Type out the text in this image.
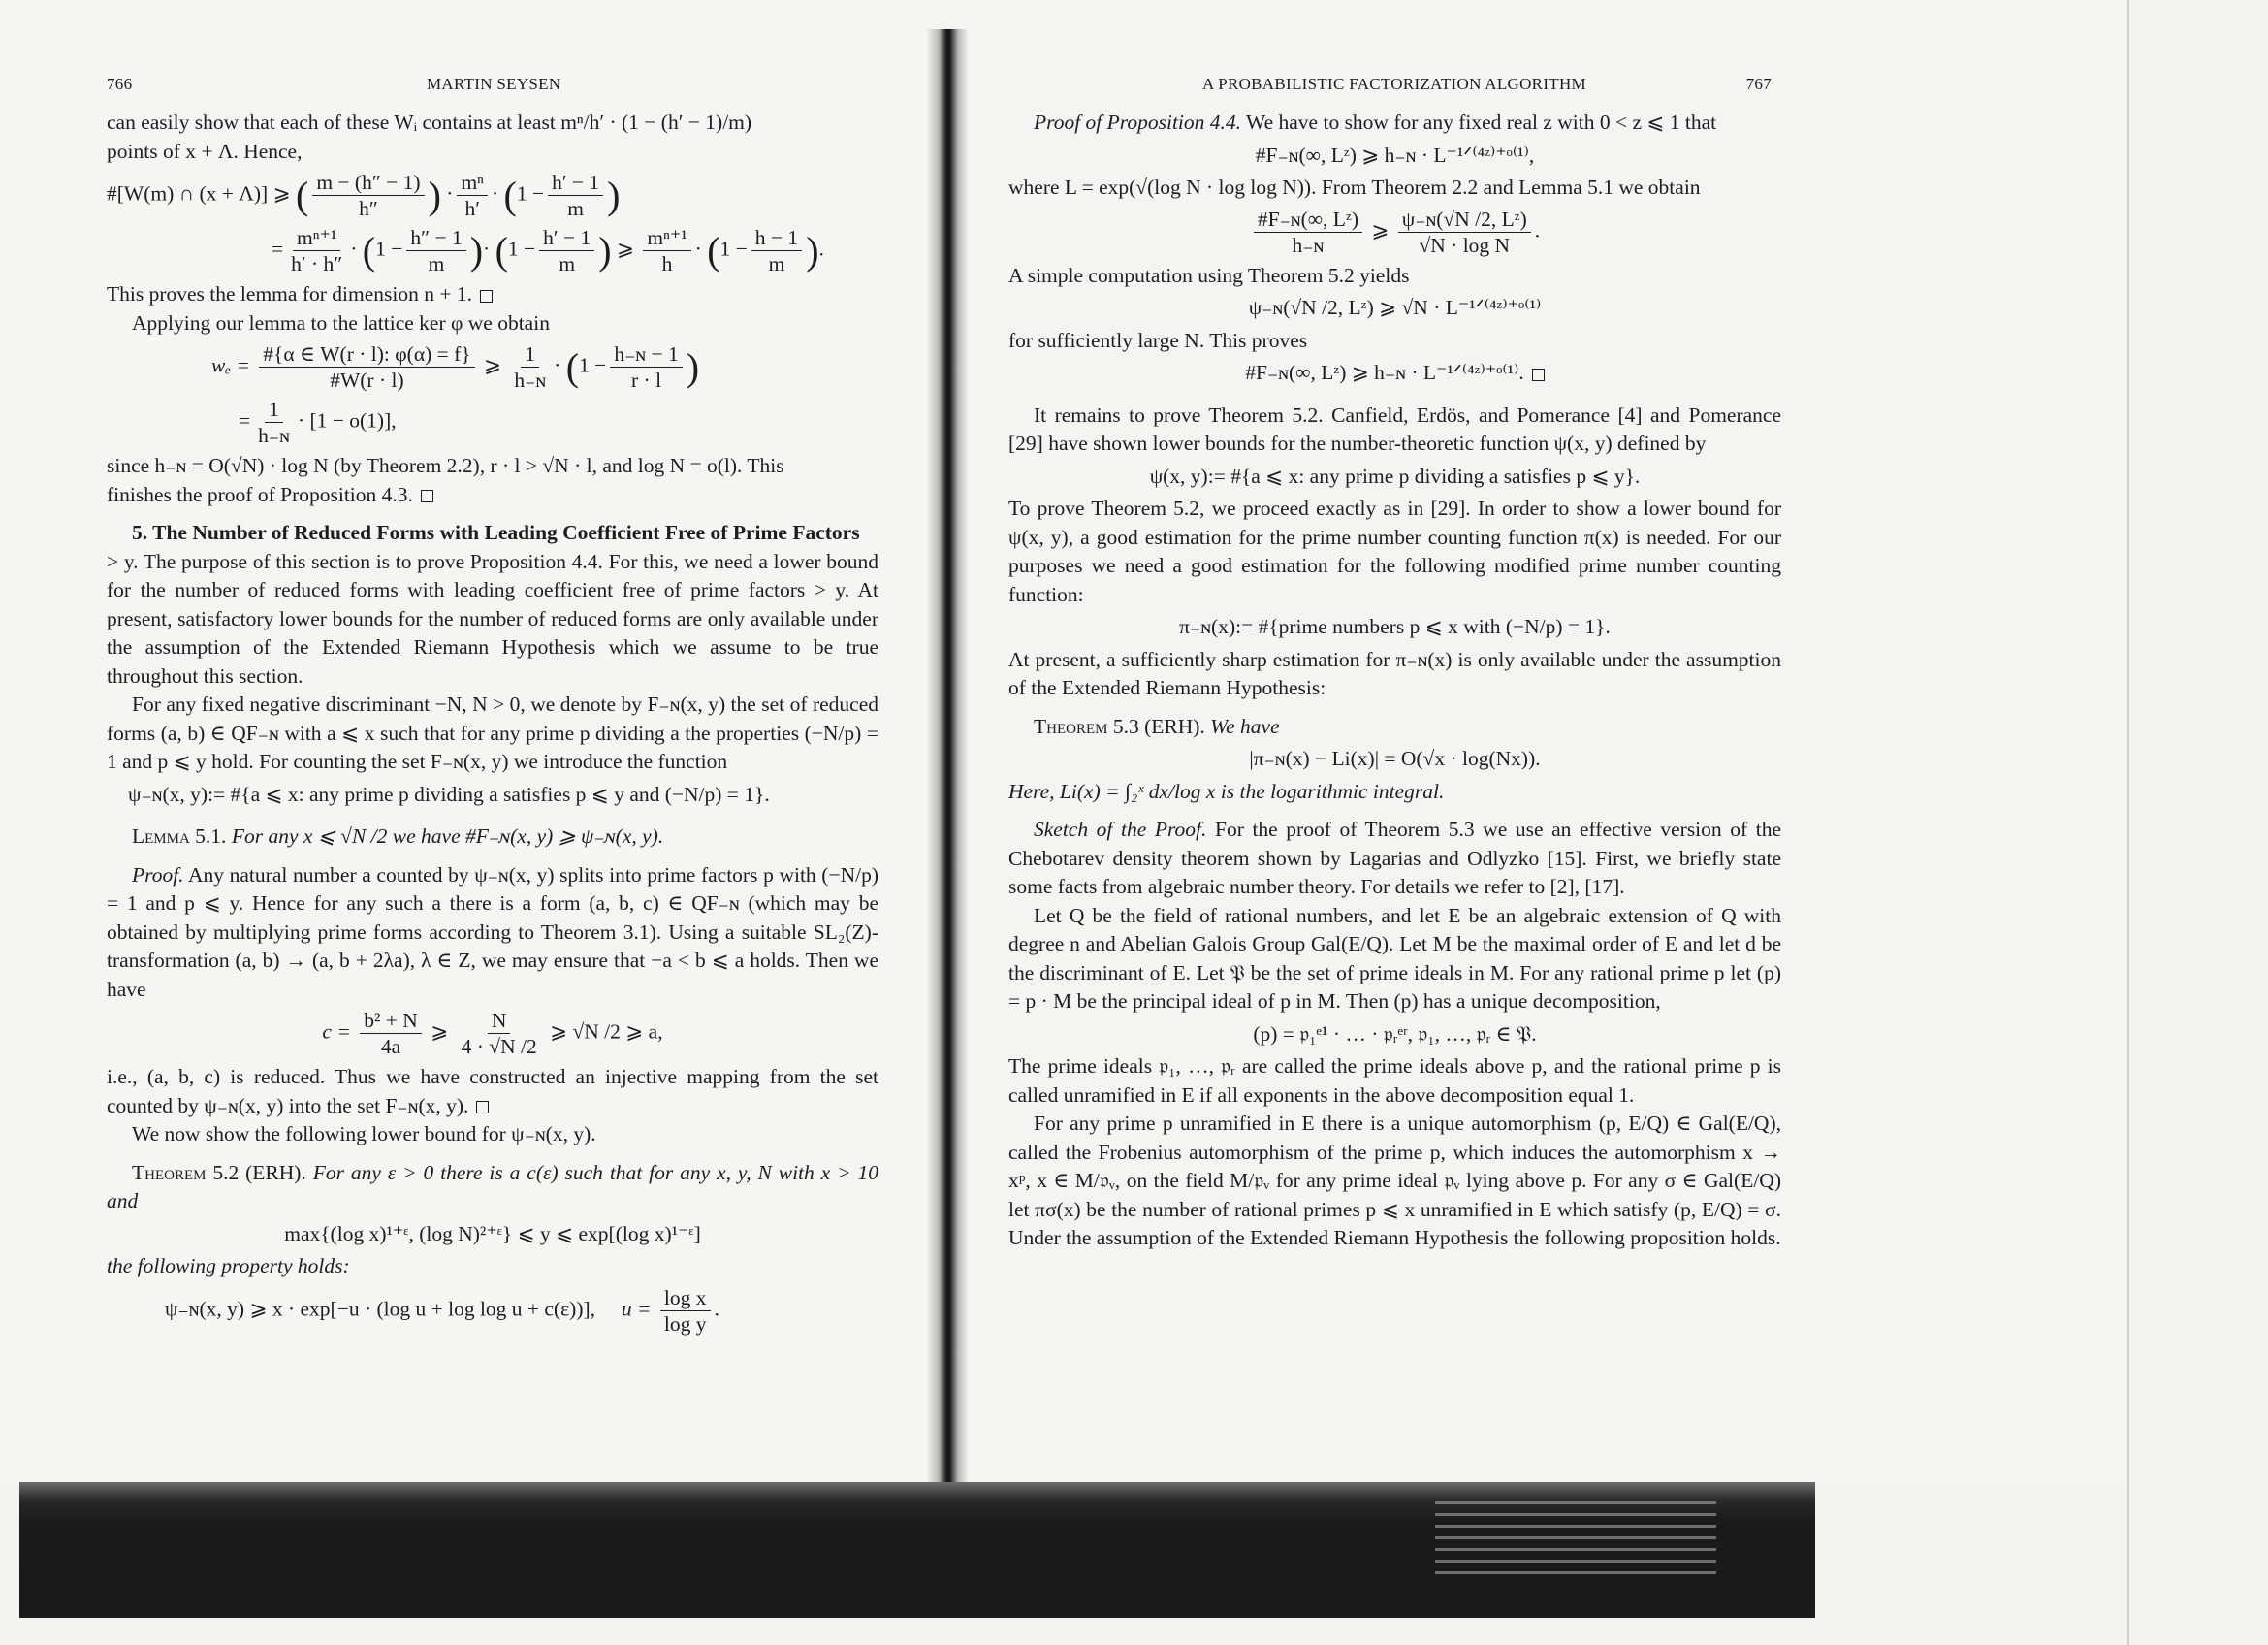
766	MARTIN SEYSEN

can easily show that each of these Wᵢ contains at least mⁿ/h′ · (1 − (h′ − 1)/m)

points of x + Λ. Hence,

#[W(m) ∩ (x + Λ)] ⩾ ( $\frac{m - (h'' - 1)}{h''}$ ) · $\frac{\text{mⁿ}}{h'} \cdot (1 - \frac{h' - 1}{m}$ )
= $\frac{\text{mⁿ⁺¹}}{h' \cdot h''} \cdot (1 - \frac{h'' - 1}{m}$ )· ($1 - \frac{h' - 1}{m}$ ) ⩾ $\frac{\text{mⁿ⁺¹}}{h} \cdot (1 - \frac{h - 1}{m}$ ).

This proves the lemma for dimension n + 1.

Applying our lemma to the lattice ker φ we obtain

$w_e = \frac{\#\{\alpha \in W(r \cdot l): \varphi(\alpha) = f\}}{\#W(r \cdot l)}$ ⩾ $\frac{1}{\text{h₋ɴ}} \cdot (1 - \frac{\text{h₋ɴ − 1}}{r \cdot l}$ )
= $\frac{1}{\text{h₋ɴ}} \cdot [1 - o(1)]$,

since h₋ɴ = O(√N) · log N (by Theorem 2.2), r · l > √N · l, and log N = o(l). This

finishes the proof of Proposition 4.3.

5. The Number of Reduced Forms with Leading Coefficient Free of Prime Factors

> y. The purpose of this section is to prove Proposition 4.4. For this, we need a lower bound for the number of reduced forms with leading coefficient free of prime factors > y. At present, satisfactory lower bounds for the number of reduced forms are only available under the assumption of the Extended Riemann Hypothesis which we assume to be true throughout this section.

For any fixed negative discriminant −N, N > 0, we denote by F₋ɴ(x, y) the set of reduced forms (a, b) ∈ QF₋ɴ with a ⩽ x such that for any prime p dividing a the properties (−N/p) = 1 and p ⩽ y hold. For counting the set F₋ɴ(x, y) we introduce the function

ψ₋ɴ(x, y):= #{a ⩽ x: any prime p dividing a satisfies p ⩽ y and (−N/p) = 1}.

Lemma 5.1. For any x ⩽ √N /2 we have #F₋ɴ(x, y) ⩾ ψ₋ɴ(x, y).

Proof. Any natural number a counted by ψ₋ɴ(x, y) splits into prime factors p with (−N/p) = 1 and p ⩽ y. Hence for any such a there is a form (a, b, c) ∈ QF₋ɴ (which may be obtained by multiplying prime forms according to Theorem 3.1). Using a suitable SL₂(Z)-transformation (a, b) → (a, b + 2λa), λ ∈ Z, we may ensure that −a < b ⩽ a holds. Then we have

$c = \frac{\text{b² + N}}{4a}$ ⩾ $\frac{N}{4 \cdot √N /2}$ ⩾ √N /2 ⩾ a,

i.e., (a, b, c) is reduced. Thus we have constructed an injective mapping from the set counted by ψ₋ɴ(x, y) into the set F₋ɴ(x, y).

We now show the following lower bound for ψ₋ɴ(x, y).

Theorem 5.2 (ERH). For any ε > 0 there is a c(ε) such that for any x, y, N with x > 10 and

max{(log x)¹⁺ᵋ, (log N)²⁺ᵋ} ⩽ y ⩽ exp[(log x)¹⁻ᵋ]

the following property holds:

ψ₋ɴ(x, y) ⩾ x · exp[−u · (log u + log log u + c(ε))], $u = \frac{\text{log x}}{\text{log y}}$ .
A PROBABILISTIC FACTORIZATION ALGORITHM	767

Proof of Proposition 4.4. We have to show for any fixed real z with 0 < z ⩽ 1 that

#F₋ɴ(∞, Lᶻ) ⩾ h₋ɴ · L⁻¹ᐟ⁽⁴ᶻ⁾⁺ᵒ⁽¹⁾,

where L = exp(√(log N · log log N)). From Theorem 2.2 and Lemma 5.1 we obtain

$\frac{\text{\#F₋ɴ(∞, Lᶻ)}}{\text{h₋ɴ}}$ ⩾ $\frac{\text{ψ₋ɴ(√N /2, Lᶻ)}}{\text{√N · log N}}$ .

A simple computation using Theorem 5.2 yields

ψ₋ɴ(√N /2, Lᶻ) ⩾ √N · L⁻¹ᐟ⁽⁴ᶻ⁾⁺ᵒ⁽¹⁾

for sufficiently large N. This proves

#F₋ɴ(∞, Lᶻ) ⩾ h₋ɴ · L⁻¹ᐟ⁽⁴ᶻ⁾⁺ᵒ⁽¹⁾.

It remains to prove Theorem 5.2. Canfield, Erdös, and Pomerance [4] and Pomerance [29] have shown lower bounds for the number-theoretic function ψ(x, y) defined by

ψ(x, y):= #{a ⩽ x: any prime p dividing a satisfies p ⩽ y}.

To prove Theorem 5.2, we proceed exactly as in [29]. In order to show a lower bound for ψ(x, y), a good estimation for the prime number counting function π(x) is needed. For our purposes we need a good estimation for the following modified prime number counting function:

π₋ɴ(x):= #{prime numbers p ⩽ x with (−N/p) = 1}.

At present, a sufficiently sharp estimation for π₋ɴ(x) is only available under the assumption of the Extended Riemann Hypothesis:

Theorem 5.3 (ERH). We have

|π₋ɴ(x) − Li(x)| = O(√x · log(Nx)).

Here, Li(x) = ∫₂ˣ dx/log x is the logarithmic integral.

Sketch of the Proof. For the proof of Theorem 5.3 we use an effective version of the Chebotarev density theorem shown by Lagarias and Odlyzko [15]. First, we briefly state some facts from algebraic number theory. For details we refer to [2], [17].

Let Q be the field of rational numbers, and let E be an algebraic extension of Q with degree n and Abelian Galois Group Gal(E/Q). Let M be the maximal order of E and let d be the discriminant of E. Let 𝔓 be the set of prime ideals in M. For any rational prime p let (p) = p · M be the principal ideal of p in M. Then (p) has a unique decomposition,

(p) = 𝔭₁ᵉ¹ · … · 𝔭ᵣᵉʳ, 𝔭₁, …, 𝔭ᵣ ∈ 𝔓.

The prime ideals 𝔭₁, …, 𝔭ᵣ are called the prime ideals above p, and the rational prime p is called unramified in E if all exponents in the above decomposition equal 1.

For any prime p unramified in E there is a unique automorphism (p, E/Q) ∈ Gal(E/Q), called the Frobenius automorphism of the prime p, which induces the automorphism x → xᵖ, x ∈ M/𝔭ᵥ, on the field M/𝔭ᵥ for any prime ideal 𝔭ᵥ lying above p. For any σ ∈ Gal(E/Q) let πσ(x) be the number of rational primes p ⩽ x unramified in E which satisfy (p, E/Q) = σ. Under the assumption of the Extended Riemann Hypothesis the following proposition holds.
